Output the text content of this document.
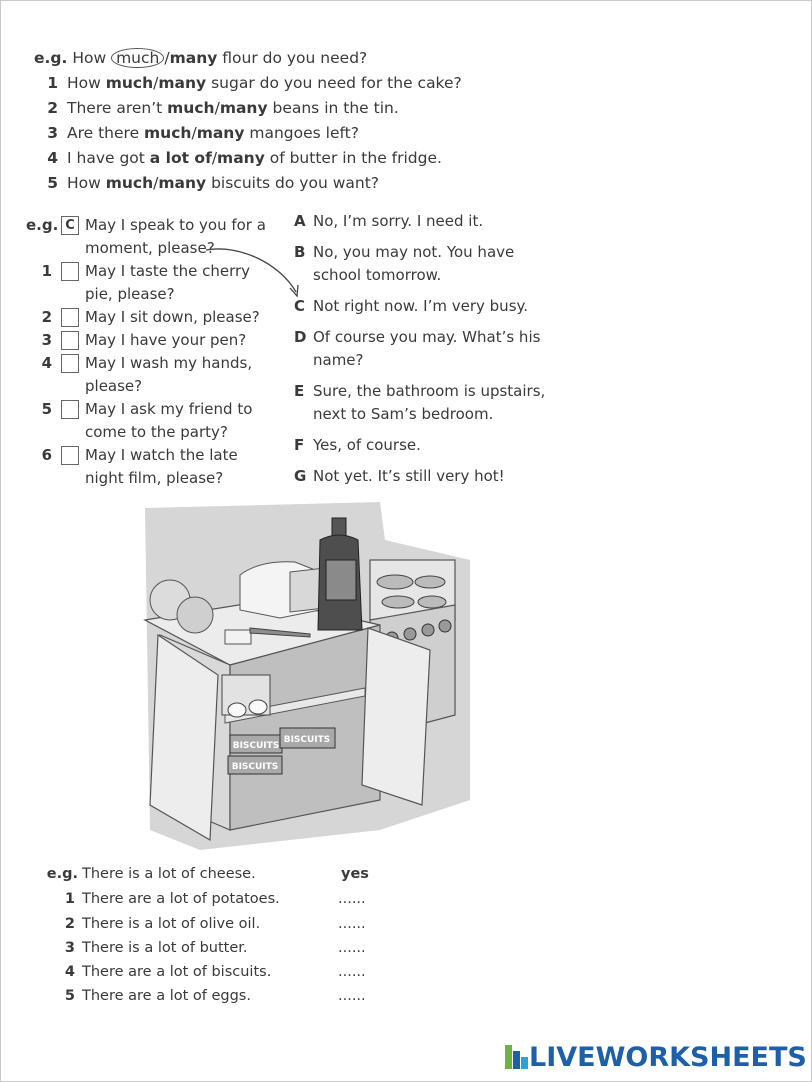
e.g. How much /many flour do you need?
1 How much/many sugar do you need for the cake?
2 There aren’t much/many beans in the tin.
3 Are there much/many mangoes left?
4 I have got a lot of/many of butter in the fridge.
5 How much/many biscuits do you want?
e.g. C May I speak to you for a
moment, please?
1 May I taste the cherry
pie, please?
2 May I sit down, please?
3 May I have your pen?
4 May I wash my hands,
please?
5 May I ask my friend to
come to the party?
6 May I watch the late
night film, please?
A No, I’m sorry. I need it.
B No, you may not. You have
school tomorrow.
C Not right now. I’m very busy.
D Of course you may. What’s his
name?
E Sure, the bathroom is upstairs,
next to Sam’s bedroom.
F Yes, of course.
G Not yet. It’s still very hot!
BISCUITS
BISCUITS
BISCUITS
e.g. There is a lot of cheese.	yes
1 There are a lot of potatoes.	......
2 There is a lot of olive oil.	......
3 There is a lot of butter.	......
4 There are a lot of biscuits.	......
5 There are a lot of eggs.	......
LIVEWORKSHEETS
